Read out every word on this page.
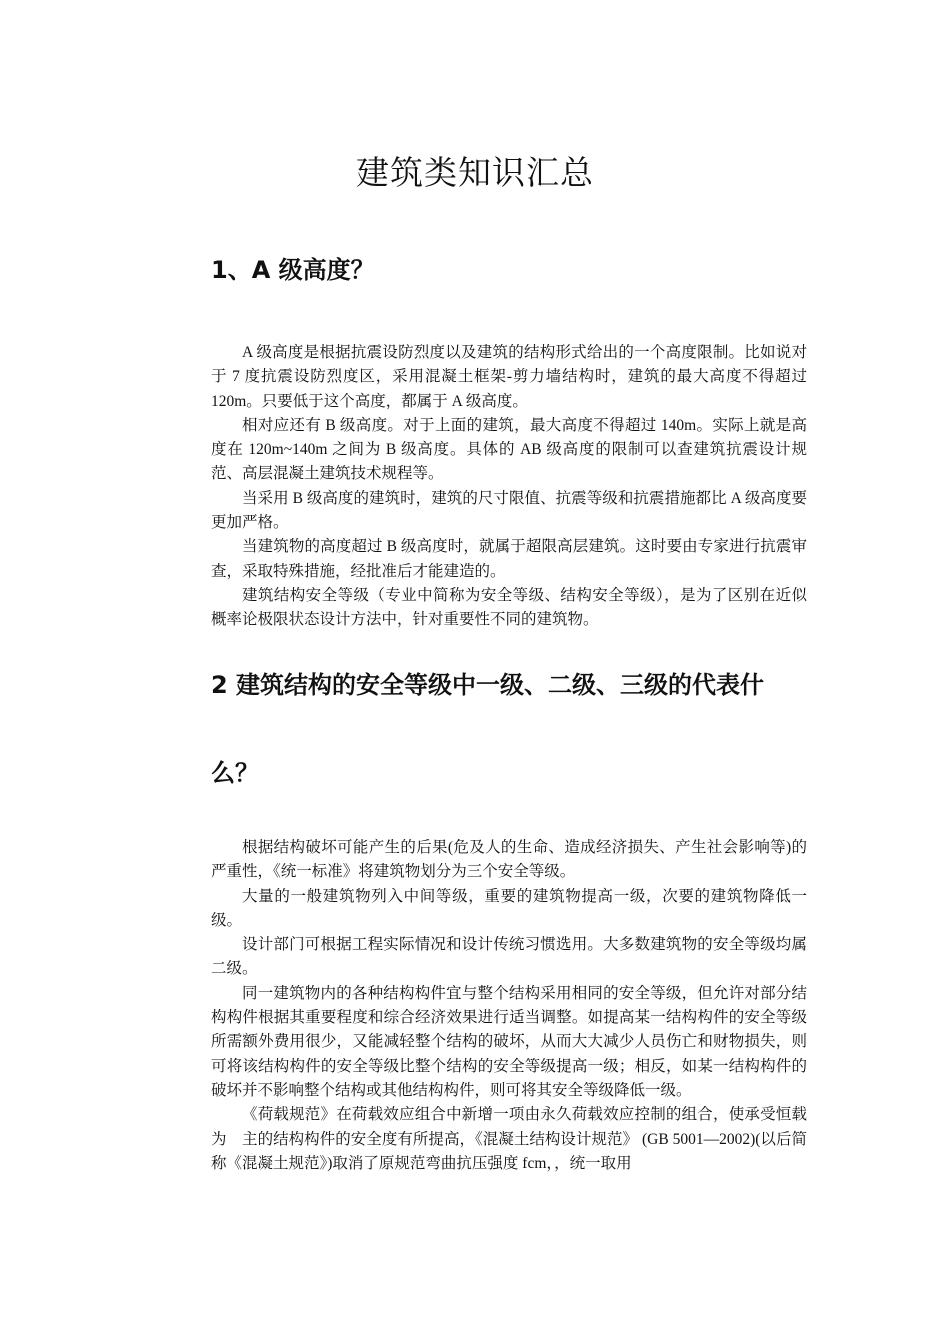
建筑类知识汇总
1、A 级高度？

A 级高度是根据抗震设防烈度以及建筑的结构形式给出的一个高度限制。比如说对于 7 度抗震设防烈度区，采用混凝土框架-剪力墙结构时，建筑的最大高度不得超过 120m。只要低于这个高度，都属于 A 级高度。

相对应还有 B 级高度。对于上面的建筑，最大高度不得超过 140m。实际上就是高度在 120m~140m 之间为 B 级高度。具体的 AB 级高度的限制可以查建筑抗震设计规范、高层混凝土建筑技术规程等。

当采用 B 级高度的建筑时，建筑的尺寸限值、抗震等级和抗震措施都比 A 级高度要更加严格。

当建筑物的高度超过 B 级高度时，就属于超限高层建筑。这时要由专家进行抗震审查，采取特殊措施，经批准后才能建造的。

建筑结构安全等级（专业中简称为安全等级、结构安全等级），是为了区别在近似概率论极限状态设计方法中，针对重要性不同的建筑物。

2 建筑结构的安全等级中一级、二级、三级的代表什
么？

根据结构破坏可能产生的后果(危及人的生命、造成经济损失、产生社会影响等)的严重性，《统一标准》将建筑物划分为三个安全等级。

大量的一般建筑物列入中间等级，重要的建筑物提高一级，次要的建筑物降低一级。

设计部门可根据工程实际情况和设计传统习惯选用。大多数建筑物的安全等级均属二级。

同一建筑物内的各种结构构件宜与整个结构采用相同的安全等级，但允许对部分结构构件根据其重要程度和综合经济效果进行适当调整。如提高某一结构构件的安全等级所需额外费用很少，又能减轻整个结构的破坏，从而大大减少人员伤亡和财物损失，则可将该结构构件的安全等级比整个结构的安全等级提高一级；相反，如某一结构构件的破坏并不影响整个结构或其他结构构件，则可将其安全等级降低一级。

《荷载规范》在荷载效应组合中新增一项由永久荷载效应控制的组合，使承受恒载为　主的结构构件的安全度有所提高，《混凝土结构设计规范》 (GB 5001—2002)(以后简称《混凝土规范》)取消了原规范弯曲抗压强度 fcm，，统一取用
